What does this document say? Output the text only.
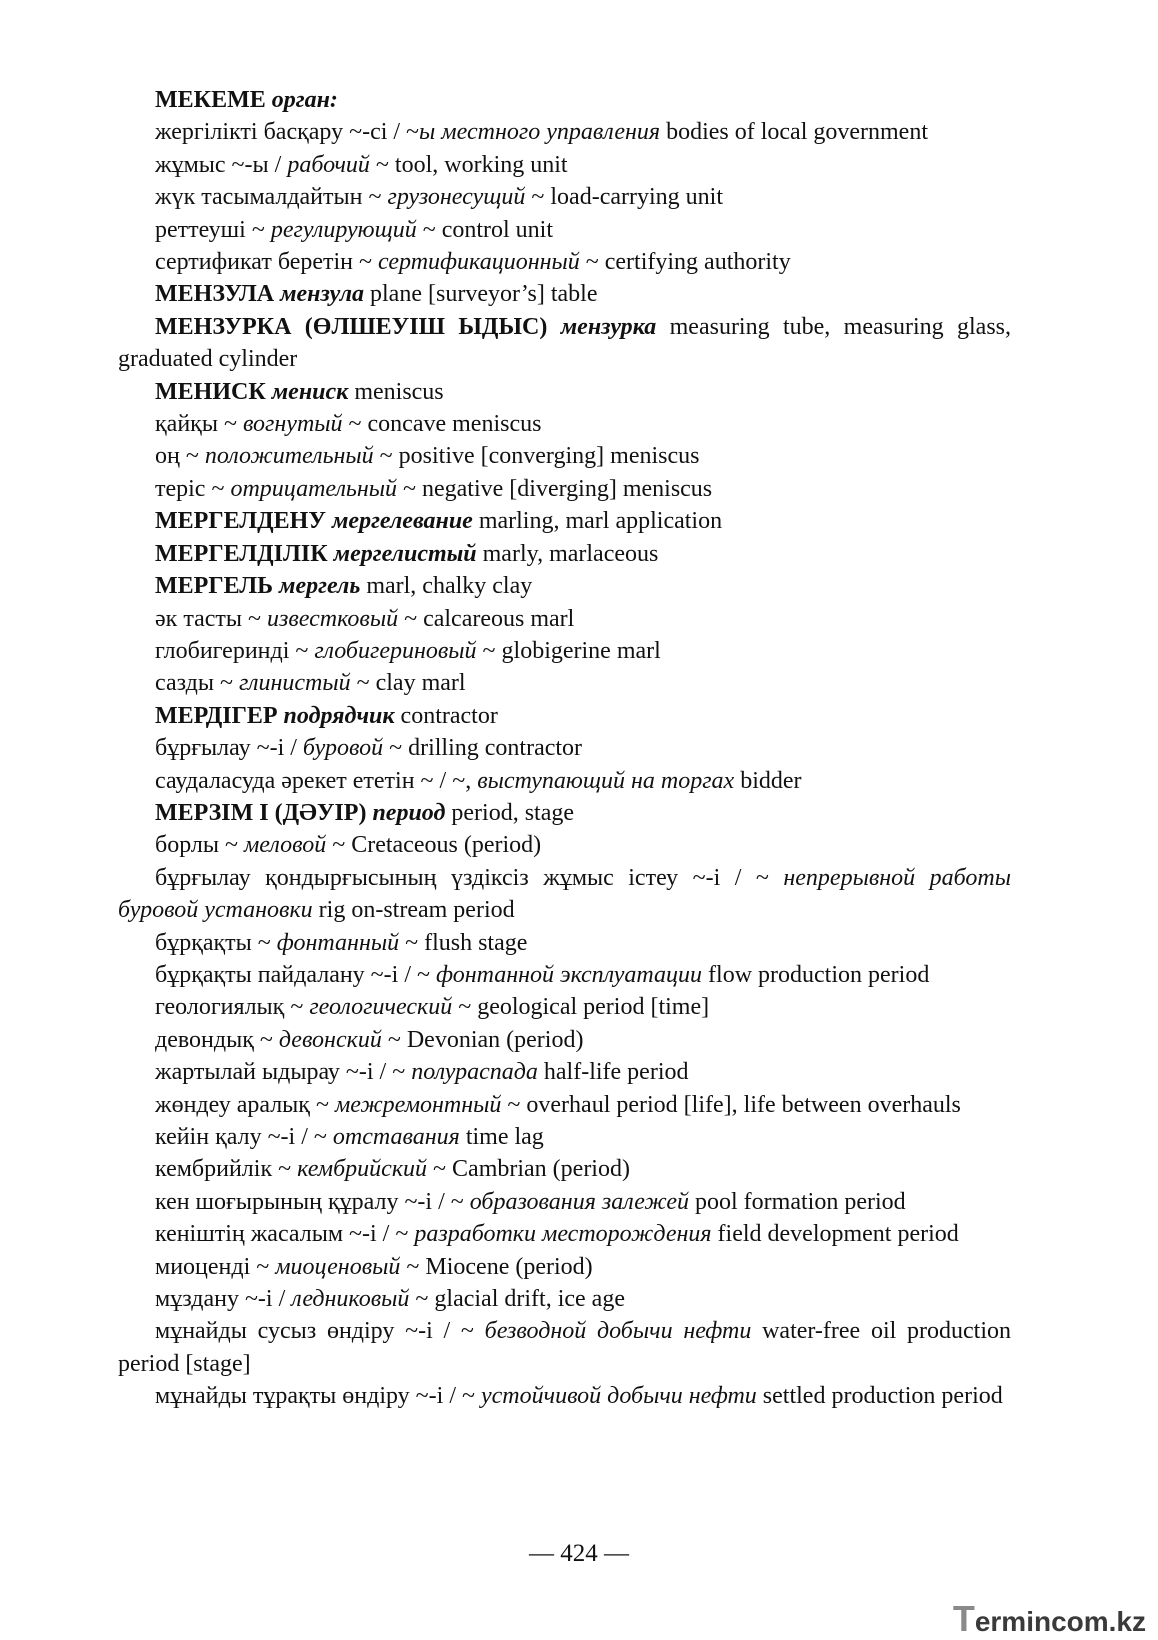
МЕКЕМЕ орган:

жергілікті басқару ~-сі / ~ы местного управления bodies of local government

жұмыс ~-ы / рабочий ~ tool, working unit

жүк тасымалдайтын ~ грузонесущий ~ load-carrying unit

реттеуші ~ регулирующий ~ control unit

сертификат беретін ~ сертификационный ~ certifying authority

МЕНЗУЛА мензула plane [surveyor’s] table

МЕНЗУРКА (ӨЛШЕУІШ ЫДЫС) мензурка measuring tube, measuring glass, graduated cylinder

МЕНИСК мениск meniscus

қайқы ~ вогнутый ~ concave meniscus

оң ~ положительный ~ positive [converging] meniscus

теріс ~ отрицательный ~ negative [diverging] meniscus

МЕРГЕЛДЕНУ мергелевание marling, marl application

МЕРГЕЛДІЛІК мергелистый marly, marlaceous

МЕРГЕЛЬ мергель marl, chalky clay

әк тасты ~ известковый ~ calcareous marl

глобигеринді ~ глобигериновый ~ globigerine marl

сазды ~ глинистый ~ clay marl

МЕРДІГЕР подрядчик contractor

бұрғылау ~-і / буровой ~ drilling contractor

саудаласуда әрекет ететін ~ / ~, выступающий на торгах bidder

МЕРЗІМ І (ДӘУІР) период period, stage

борлы ~ меловой ~ Cretaceous (period)

бұрғылау қондырғысының үздіксіз жұмыс істеу ~-і / ~ непрерывной работы буровой установки rig on-stream period

бұрқақты ~ фонтанный ~ flush stage

бұрқақты пайдалану ~-і / ~ фонтанной эксплуатации flow production period

геологиялық ~ геологический ~ geological period [time]

девондық ~ девонский ~ Devonian (period)

жартылай ыдырау ~-і / ~ полураспада half-life period

жөндеу аралық ~ межремонтный ~ overhaul period [life], life between overhauls

кейін қалу ~-і / ~ отставания time lag

кембрийлік ~ кембрийский ~ Cambrian (period)

кен шоғырының құралу ~-і / ~ образования залежей pool formation period

кеніштің жасалым ~-і / ~ разработки месторождения field development period

миоценді ~ миоценовый ~ Miocene (period)

мұздану ~-і / ледниковый ~ glacial drift, ice age

мұнайды сусыз өндіру ~-і / ~ безводной добычи нефти water-free oil production period [stage]

мұнайды тұрақты өндіру ~-і / ~ устойчивой добычи нефти settled production period

— 424 —
Termincom.kz
